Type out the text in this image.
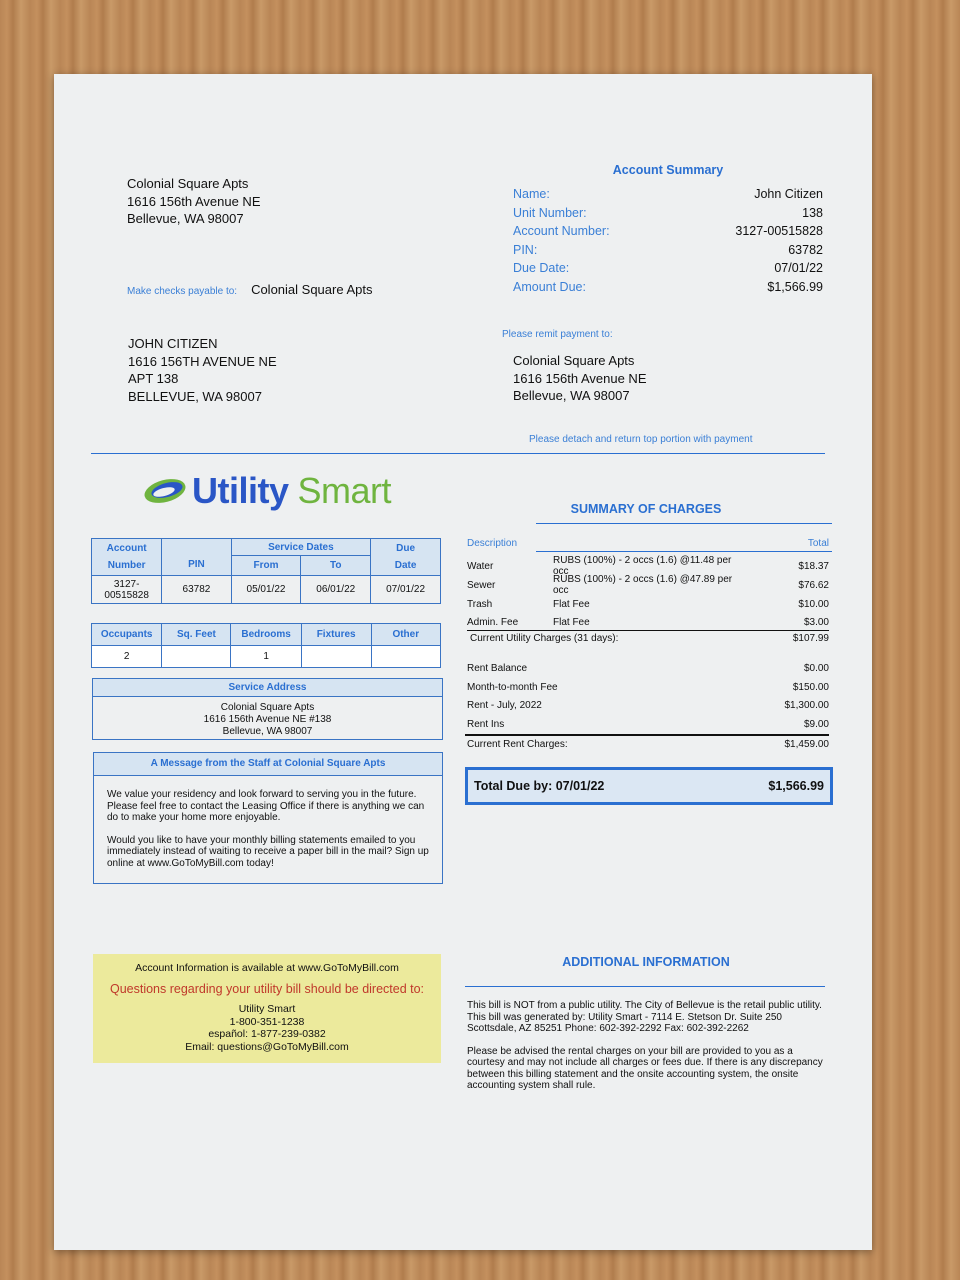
Colonial Square Apts
1616 156th Avenue NE
Bellevue, WA 98007
Make checks payable to: Colonial Square Apts
JOHN CITIZEN
1616 156TH AVENUE NE
APT 138
BELLEVUE, WA 98007
Account Summary
Name:	John Citizen
Unit Number:	138
Account Number:	3127-00515828
PIN:	63782
Due Date:	07/01/22
Amount Due:	$1,566.99
Please remit payment to:
Colonial Square Apts
1616 156th Avenue NE
Bellevue, WA 98007
Please detach and return top portion with payment
Utility Smart
Account Number	PIN	Service Dates		Due Date

		From	To	

3127-00515828	63782	05/01/22	06/01/22	07/01/22
Occupants	Sq. Feet	Bedrooms	Fixtures	Other
2		1		
Service Address
Colonial Square Apts
1616 156th Avenue NE #138
Bellevue, WA 98007
A Message from the Staff at Colonial Square Apts
We value your residency and look forward to serving you in the future. Please feel free to contact the Leasing Office if there is anything we can do to make your home more enjoyable.
Would you like to have your monthly billing statements emailed to you immediately instead of waiting to receive a paper bill in the mail? Sign up online at www.GoToMyBill.com today!
Account Information is available at www.GoToMyBill.com
Questions regarding your utility bill should be directed to:
Utility Smart
1-800-351-1238
español: 1-877-239-0382
Email: questions@GoToMyBill.com
SUMMARY OF CHARGES
Description	Total
Water	RUBS (100%) - 2 occs (1.6) @11.48 per occ	$18.37
Sewer	RUBS (100%) - 2 occs (1.6) @47.89 per occ	$76.62
Trash	Flat Fee	$10.00
Admin. Fee	Flat Fee	$3.00
Current Utility Charges (31 days):	$107.99
Rent Balance	$0.00
Month-to-month Fee	$150.00
Rent - July, 2022	$1,300.00
Rent Ins	$9.00
Current Rent Charges:	$1,459.00
Total Due by: 07/01/22	$1,566.99
ADDITIONAL INFORMATION
This bill is NOT from a public utility. The City of Bellevue is the retail public utility. This bill was generated by: Utility Smart - 7114 E. Stetson Dr. Suite 250 Scottsdale, AZ 85251 Phone: 602-392-2292 Fax: 602-392-2262
Please be advised the rental charges on your bill are provided to you as a courtesy and may not include all charges or fees due. If there is any discrepancy between this billing statement and the onsite accounting system, the onsite accounting system shall rule.
